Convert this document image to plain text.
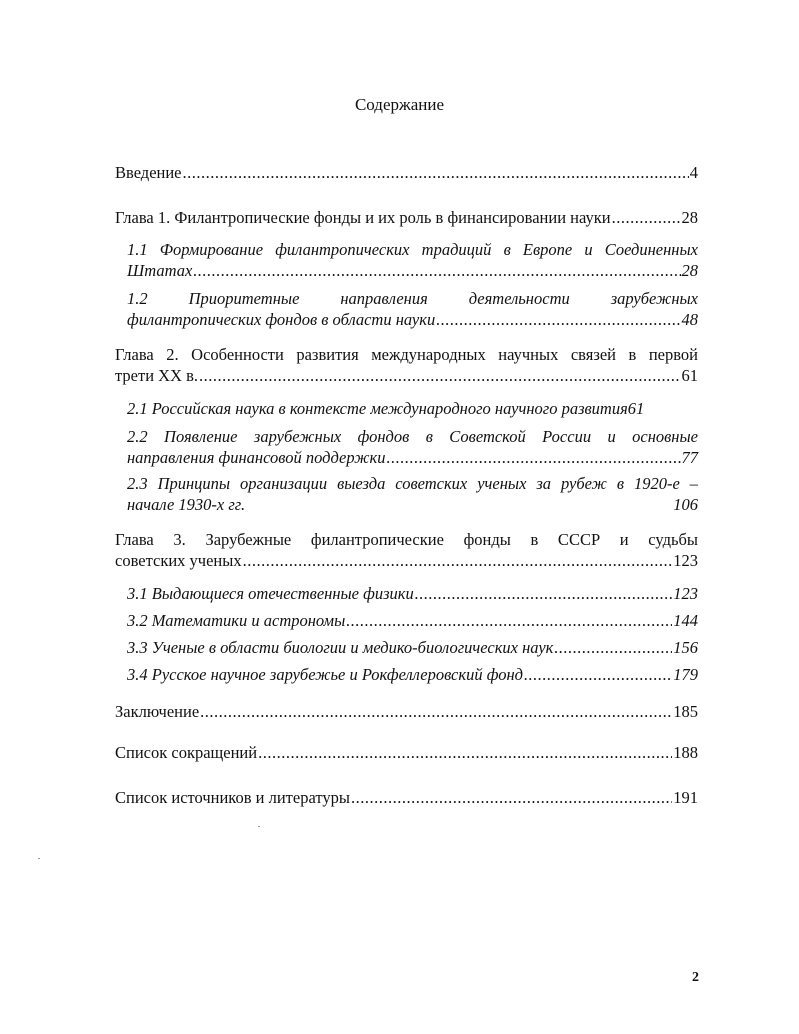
Содержание
Введение .....	4
Глава 1. Филантропические фонды и их роль в финансировании науки .....	28
1.1 Формирование филантропических традиций в Европе и Соединенных
Штатах .....	28
1.2 Приоритетные направления деятельности зарубежных
филантропических фондов в области науки .....	48
Глава 2. Особенности развития международных научных связей в первой
трети XX в. .....	61
2.1 Российская наука в контексте международного научного развития 61
2.2 Появление зарубежных фондов в Советской России и основные
направления финансовой поддержки .....	77
2.3 Принципы организации выезда советских ученых за рубеж в 1920-е –
начале 1930-х гг.	106
Глава 3. Зарубежные филантропические фонды в СССР и судьбы
советских ученых .....	123
3.1 Выдающиеся отечественные физики .....	123
3.2 Математики и астрономы .....	144
3.3 Ученые в области биологии и медико-биологических наук .....	156
3.4 Русское научное зарубежье и Рокфеллеровский фонд .....	179
Заключение .....	185
Список сокращений .....	188
Список источников и литературы .....	191
2
